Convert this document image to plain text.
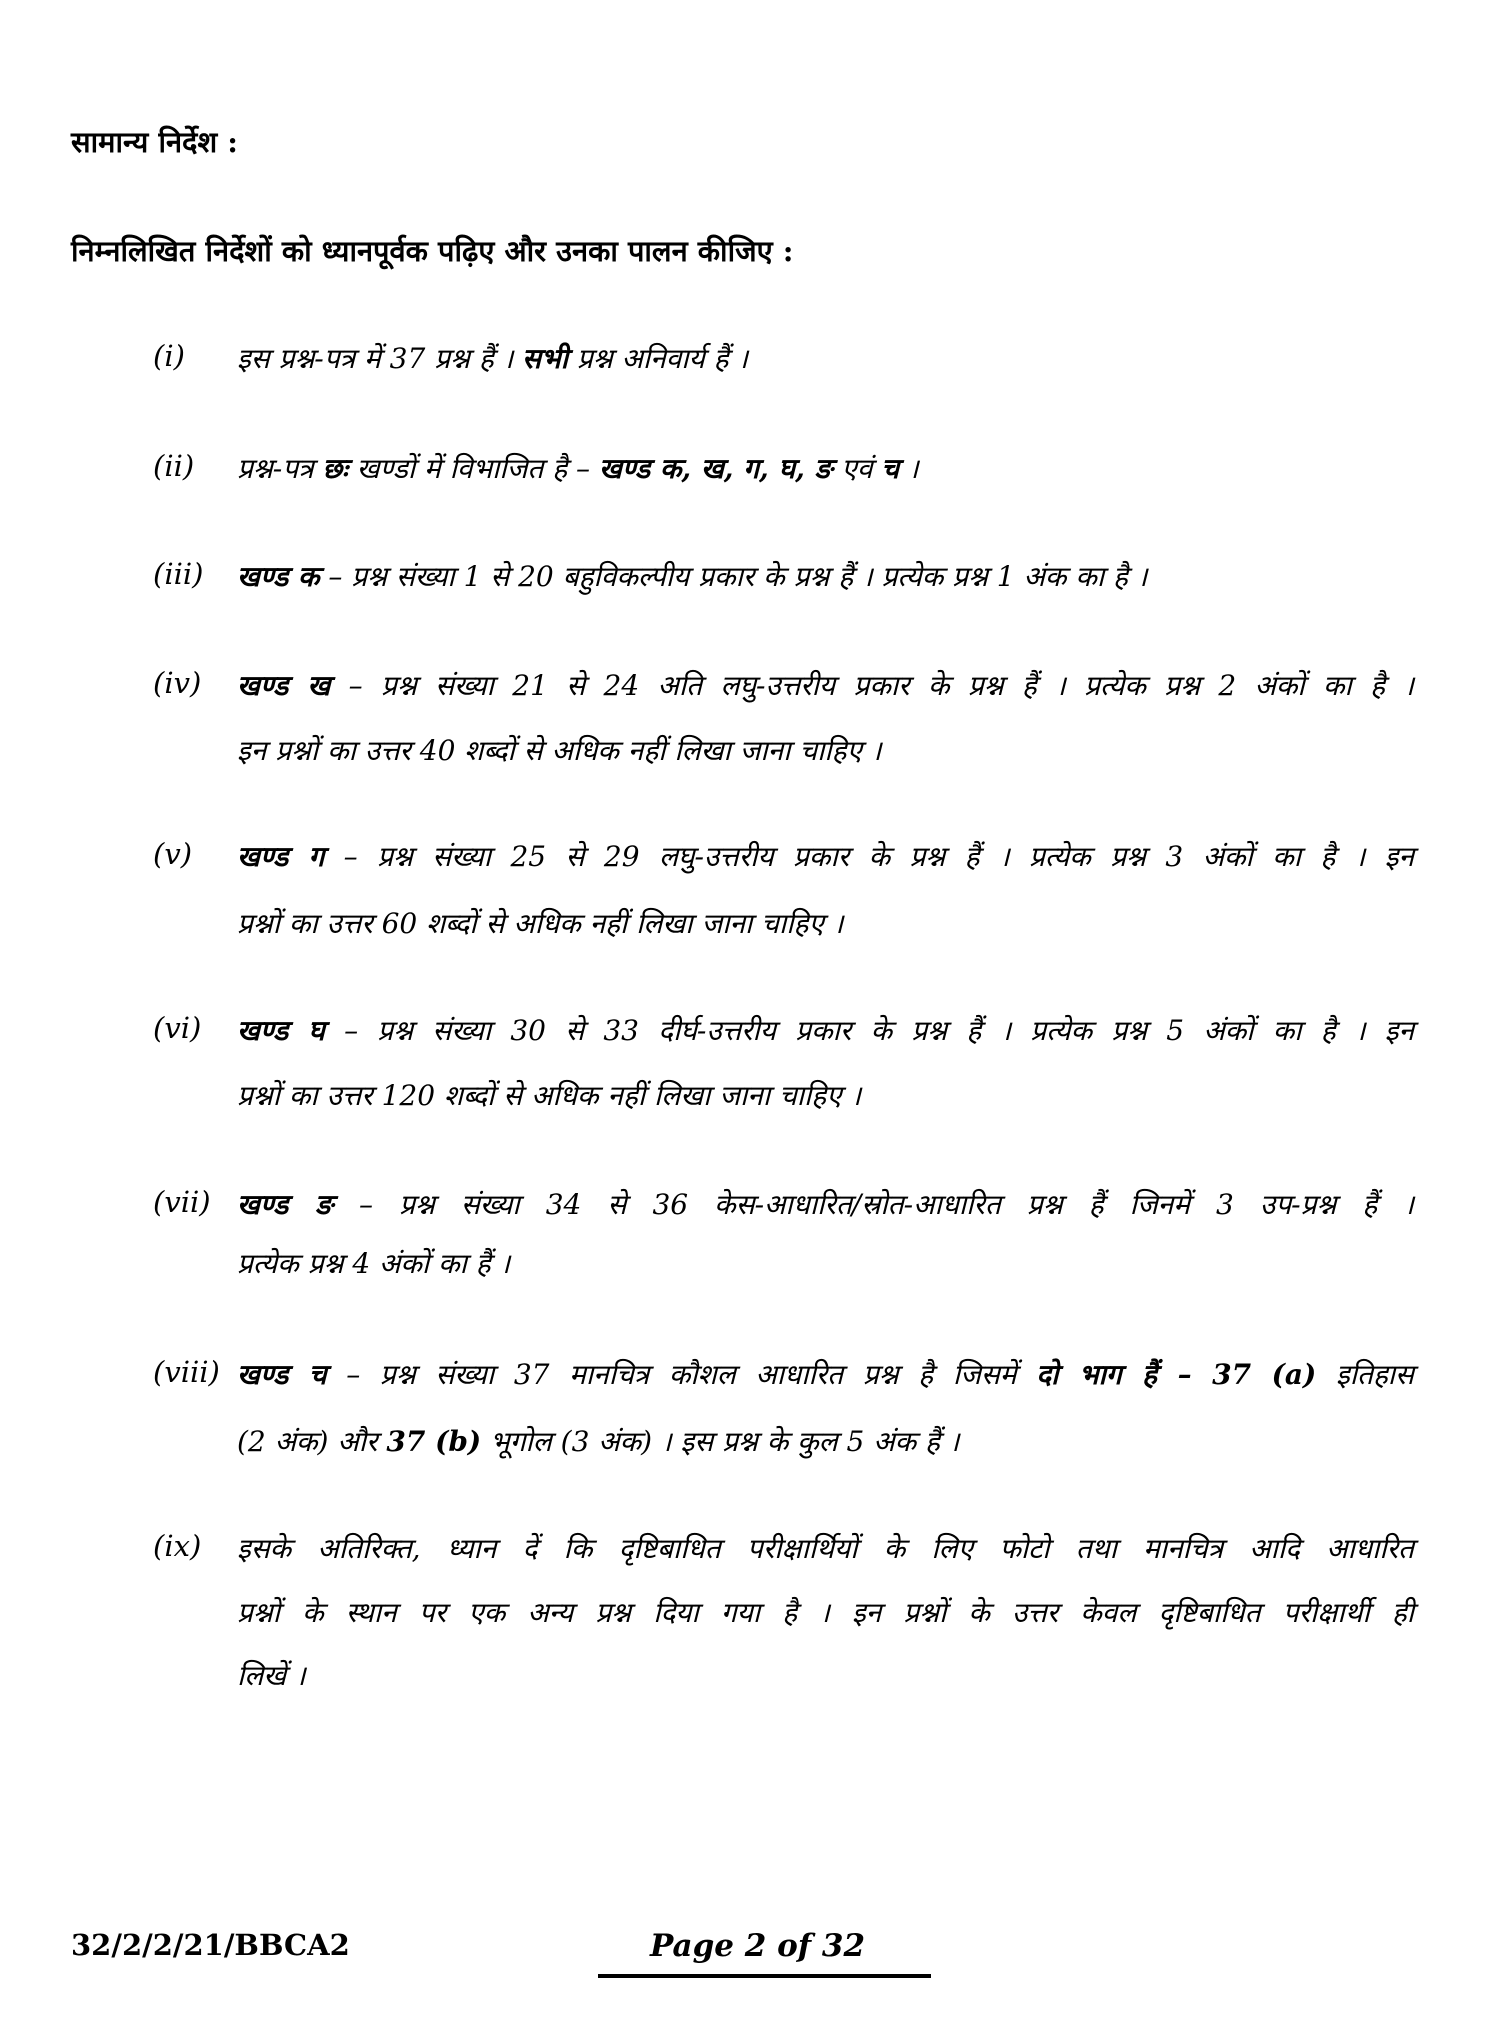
सामान्य निर्देश :
निम्नलिखित निर्देशों को ध्यानपूर्वक पढ़िए और उनका पालन कीजिए :
(i) इस प्रश्न-पत्र में 37 प्रश्न हैं । सभी प्रश्न अनिवार्य हैं ।
(ii) प्रश्न-पत्र छः खण्डों में विभाजित है – खण्ड क, ख, ग, घ, ङ एवं च ।
(iii) खण्ड क – प्रश्न संख्या 1 से 20 बहुविकल्पीय प्रकार के प्रश्न हैं । प्रत्येक प्रश्न 1 अंक का है ।
(iv) खण्ड ख – प्रश्न संख्या 21 से 24 अति लघु-उत्तरीय प्रकार के प्रश्न हैं । प्रत्येक प्रश्न 2 अंकों का है ।
इन प्रश्नों का उत्तर 40 शब्दों से अधिक नहीं लिखा जाना चाहिए ।
(v) खण्ड ग – प्रश्न संख्या 25 से 29 लघु-उत्तरीय प्रकार के प्रश्न हैं । प्रत्येक प्रश्न 3 अंकों का है । इन
प्रश्नों का उत्तर 60 शब्दों से अधिक नहीं लिखा जाना चाहिए ।
(vi) खण्ड घ – प्रश्न संख्या 30 से 33 दीर्घ-उत्तरीय प्रकार के प्रश्न हैं । प्रत्येक प्रश्न 5 अंकों का है । इन
प्रश्नों का उत्तर 120 शब्दों से अधिक नहीं लिखा जाना चाहिए ।
(vii) खण्ड ङ – प्रश्न संख्या 34 से 36 केस-आधारित/स्रोत-आधारित प्रश्न हैं जिनमें 3 उप-प्रश्न हैं ।
प्रत्येक प्रश्न 4 अंकों का हैं ।
(viii) खण्ड च – प्रश्न संख्या 37 मानचित्र कौशल आधारित प्रश्न है जिसमें दो भाग हैं – 37 (a) इतिहास
(2 अंक) और 37 (b) भूगोल (3 अंक) । इस प्रश्न के कुल 5 अंक हैं ।
(ix) इसके अतिरिक्त, ध्यान दें कि दृष्टिबाधित परीक्षार्थियों के लिए फोटो तथा मानचित्र आदि आधारित
प्रश्नों के स्थान पर एक अन्य प्रश्न दिया गया है । इन प्रश्नों के उत्तर केवल दृष्टिबाधित परीक्षार्थी ही
लिखें ।
32/2/2/21/BBCA2	Page 2 of 32
